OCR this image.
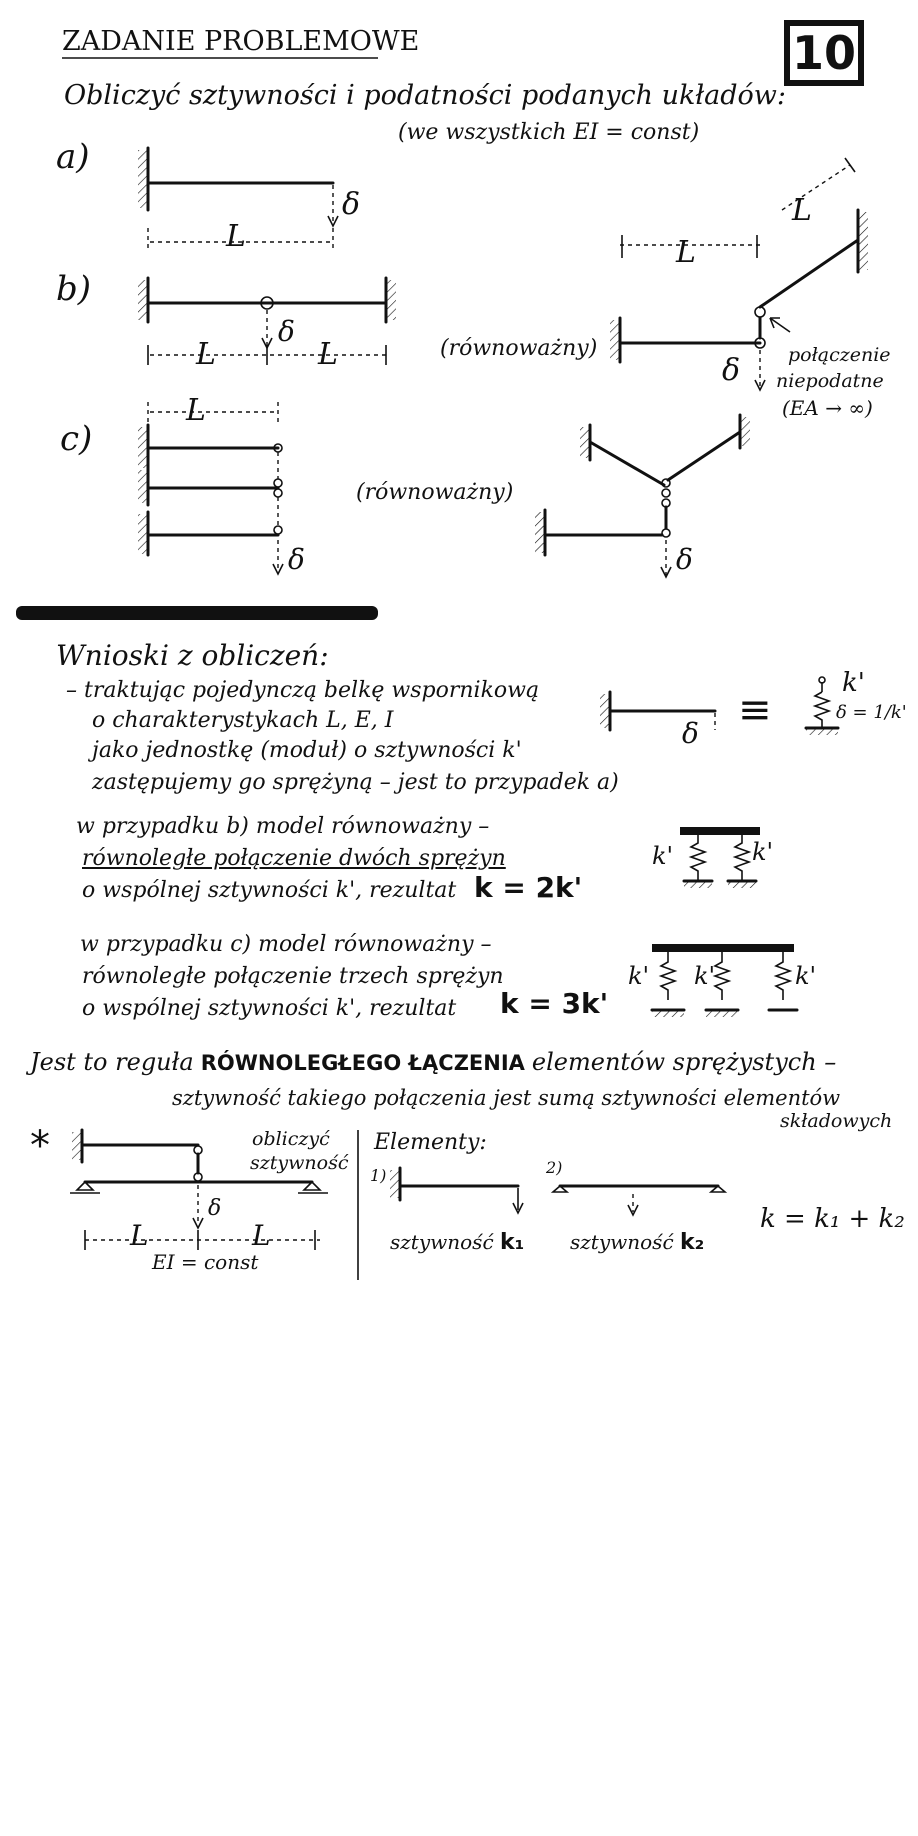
ZADANIE PROBLEMOWE	10
Obliczyć sztywności i podatności podanych układów:
(we wszystkich EI = const)
a)
L
δ
b)
δ
L	L	(równoważny)
L
L
δ	połączenie
niepodatne
(EA → ∞)
c)
L
δ
(równoważny)
δ
Wnioski z obliczeń:
– traktując pojedynczą belkę wspornikową
o charakterystykach L, E, I
jako jednostkę (moduł) o sztywności k'
zastępujemy go sprężyną – jest to przypadek a)
δ
≡
k'
δ = 1/k'
w przypadku b) model równoważny –
równoległe połączenie dwóch sprężyn
o wspólnej sztywności k', rezultat k = 2k'
k'	k'
w przypadku c) model równoważny –
równoległe połączenie trzech sprężyn
o wspólnej sztywności k', rezultat k = 3k'
k' k'	k'
Jest to reguła RÓWNOLEGŁEGO ŁĄCZENIA elementów sprężystych –
sztywność takiego połączenia jest sumą sztywności elementów
składowych
*	obliczyć
sztywność
δ
L	L
EI = const
Elementy:
1)	2)
sztywność k₁ sztywność k₂
k = k₁ + k₂
